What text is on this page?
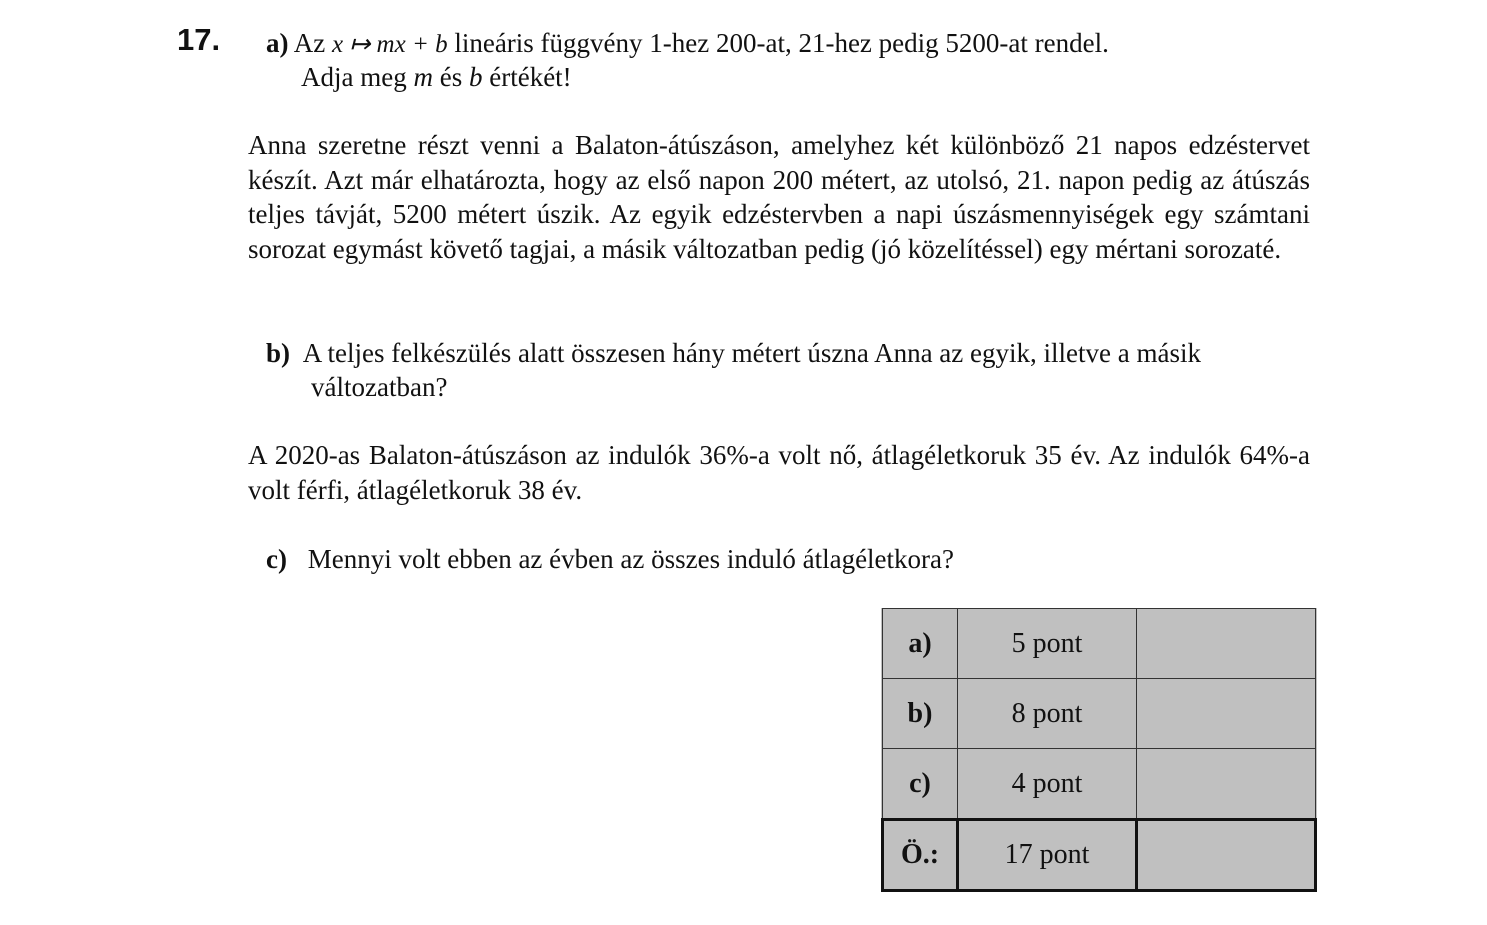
17. a) Az x ↦ mx + b lineáris függvény 1-hez 200-at, 21-hez pedig 5200-at rendel.
Adja meg m és b értékét!
Anna szeretne részt venni a Balaton-átúszáson, amelyhez két különböző 21 napos edzéstervet készít. Azt már elhatározta, hogy az első napon 200 métert, az utolsó, 21. napon pedig az átúszás teljes távját, 5200 métert úszik. Az egyik edzéstervben a napi úszásmennyiségek egy számtani sorozat egymást követő tagjai, a másik változatban pedig (jó közelítéssel) egy mértani sorozaté.
b) A teljes felkészülés alatt összesen hány métert úszna Anna az egyik, illetve a másik
változatban?
A 2020-as Balaton-átúszáson az indulók 36%-a volt nő, átlagéletkoruk 35 év. Az indulók 64%-a volt férfi, átlagéletkoruk 38 év.
c) Mennyi volt ebben az évben az összes induló átlagéletkora?
a)	5 pont	
b)	8 pont	
c)	4 pont	
Ö.:	17 pont	
